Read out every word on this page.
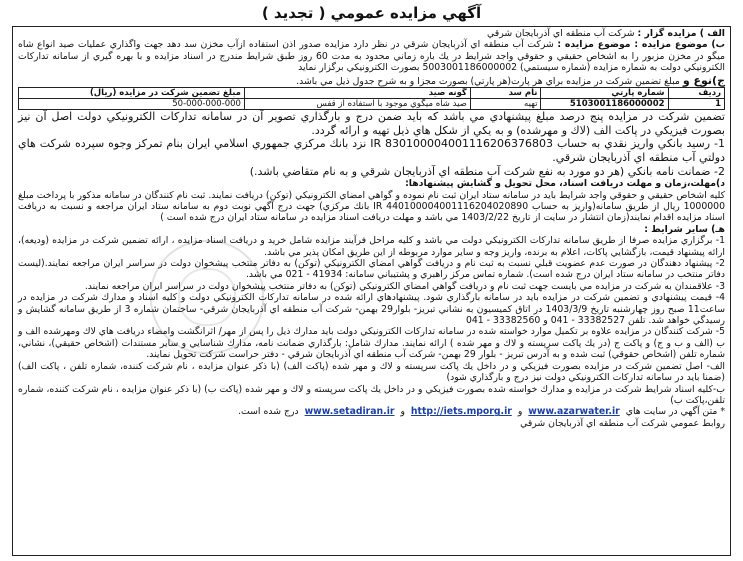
آگهي مزايده عمومي ( تجديد )

الف ) مزايده گزار : شركت آب منطقه اي آذربايجان شرقي

ب) موضوع مزايده : موضوع مزايده : شركت آب منطقه اي آذربايجان شرقي در نظر دارد مزايده صدور اذن استفاده ازآب مخزن سد دهد جهت واگذاري عمليات صيد انواع شاه ميگو در مخزن مزبور را به اشخاص حقيقي و حقوقي واجد شرايط در يك باره زماني محدود به مدت 60 روز طبق شرايط مندرج در اسناد مزايده و با بهره گيري از سامانه تداركات الكترونيكي دولت به شماره مزايده (شماره سيستمي) 5003001186000002 بصورت الكترونيكي برگزار نمايد

ج)نوع و مبلغ تضمين شركت در مزايده براي هر پارت(هر پارتي) بصورت مجزا و به شرح جدول ذيل مي باشد.

رديف	شماره پارتي	نام سد	گونه صيد	مبلغ تضمين شركت در مزايده (ريال)
1	5103001186000002	تهيه	صيد شاه ميگوي موجود با استفاده از قفس	50-000-000-000

تضمين شركت در مزايده پنج درصد مبلغ پيشنهادي مي باشد كه بايد ضمن درج و بارگذاري تصوير آن در سامانه تداركات الكترونيكي دولت اصل آن نيز بصورت فيزيكي در پاكت الف (لاك و مهرشده) و به يكي از شكل هاي ذيل تهيه و ارائه گردد.

1- رسيد بانكي واريز نقدي به حساب IR 830100004001116206376803 نزد بانك مركزي جمهوري اسلامي ايران بنام تمركز وجوه سپرده شركت هاي دولتي آب منطقه اي آذربايجان شرقي.

2- ضمانت نامه بانكي (هر دو مورد به نفع شركت آب منطقه اي آذربايجان شرقي و به نام متقاضي باشد.)

د)مهلت،زمان و مهلت دريافت اسناد، محل تحويل و گشايش پيشنهادها:

كليه اشخاص حقيقي و حقوقي واجد شرايط بايد در سامانه ستاد ايران ثبت نام نموده و گواهي امضاي الكترونيكي (توكن) دريافت نمايند. ثبت نام كنندگان در سامانه مذكور با پرداخت مبلغ 1000000 ريال از طريق سامانه(واريز به حساب IR 440100004001116204020890 بانك مركزي) جهت درج آگهي نوبت دوم به سامانه ستاد ايران مراجعه و نسبت به دريافت اسناد مزايده اقدام نمايند(زمان انتشار در سايت از تاريخ 1403/2/22 مي باشد و مهلت دريافت اسناد مزايده در سامانه ستاد ايران درج شده است )

هـ) ساير شرايط :

1- برگزاري مزايده صرفا از طريق سامانه تداركات الكترونيكي دولت مي باشد و كليه مراحل فرآيند مزايده شامل خريد و دريافت اسناد مزايده ، ارائه تضمين شركت در مزايده (وديعه)، ارائه پيشنهاد قيمت، بازگشايي پاكات، اعلام به برنده، واريز وجه و ساير موارد مربوطه از اين طريق امكان پذير مي باشد.

2- پيشنهاد دهندگان در صورت عدم عضويت قبلي نسبت به ثبت نام و دريافت گواهي امضاي الكترونيكي (توكن) به دفاتر منتخب پيشخوان دولت در سراسر ايران مراجعه نمايند.(ليست دفاتر منتخب در سامانه ستاد ايران درج شده است). شماره تماس مركز راهبري و پشتيباني سامانه: 41934 - 021 مي باشد.

3- علاقمندان به شركت در مزايده مي بايست جهت ثبت نام و دريافت گواهي امضاي الكترونيكي (توكن) به دفاتر منتخب پيشخوان دولت در سراسر ايران مراجعه نمايند.

4- قيمت پيشنهادي و تضمين شركت در مزايده بايد در سامانه بارگذاري شود. پيشنهادهاي ارائه شده در سامانه تداركات الكترونيكي دولت و كليه اسناد و مدارك شركت در مزايده در ساعت11 صبح روز چهارشنبه تاريخ 1403/3/9 در اتاق كميسيون به نشاني تبريز- بلوار29 بهمن- شركت آب منطقه اي آذربايجان شرقي- ساختمان شماره 3 از طريق سامانه گشايش و رسيدگي خواهد شد. تلفن 33382527 - 041 و 33382560 - 041

5- شركت كنندگان در مزايده علاوه بر تكميل موارد خواسته شده در سامانه تداركات الكترونيكي دولت بايد مدارك ذيل را پس از مهر/ اثرانگشت وامضاء دريافت هاي لاك ومهرشده الف و ب (الف و ب و ج) و پاكت ج (در يك پاكت سرپسته و لاك و مهر شده ) ارائه نمايند. مدارك شامل: بارگذاري ضمانت نامه، مدارك شناسايي و ساير مستندات (اشخاص حقيقي)، نشاني، شماره تلفن (اشخاص حقوقي) ثبت شده و به آدرس تبريز - بلوار 29 بهمن- شركت آب منطقه اي آذربايجان شرقي - دفتر حراست شركت تحويل نمايند.

الف- اصل تضمين شركت در مزايده بصورت فيزيكي و در داخل يك پاكت سرپسته و لاك و مهر شده (پاكت الف) (با ذكر عنوان مزايده ، نام شركت كننده، شماره تلفن ، پاكت الف) (ضمنا بايد در سامانه تداركات الكترونيكي دولت نيز درج و بارگذاري شود)

ب-كليه اسناد شرايط شركت در مزايده و مدارك خواسته شده بصورت فيزيكي و در داخل يك پاكت سرپسته و لاك و مهر شده (پاكت ب) (با ذكر عنوان مزايده ، نام شركت كننده، شماره تلفن،پاكت ب)

* متن آگهي در سايت هاي www.azarwater.ir و http://iets.mporg.ir و www.setadiran.ir درج شده است.

روابط عمومي شركت آب منطقه اي آذربايجان شرقي
